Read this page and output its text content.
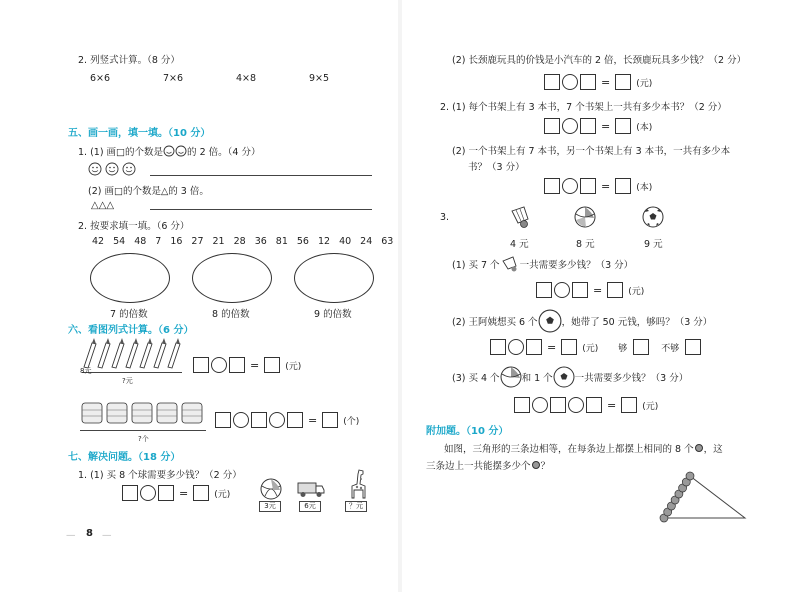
2. 列竖式计算。（8 分）
6×6	7×6	4×8	9×5
五、画一画，填一填。（10 分）
1. (1) 画□的个数是	的 2 倍。（4 分）
(2) 画□的个数是△的 3 倍。
△△△
2. 按要求填一填。（6 分）
42 54 48 7 16 27 21 28 36 81 56 12 40 24 63
7 的倍数	8 的倍数	9 的倍数
六、看图列式计算。（6 分）
8元
?元
=	(元)
?个
=	(个)
七、解决问题。（18 分）
1. (1) 买 8 个球需要多少钱？（2 分）
=	(元)
3元	6元	？元
— 8 —
(2) 长颈鹿玩具的价钱是小汽车的 2 倍，长颈鹿玩具多少钱？（2 分）
=	(元)
2. (1) 每个书架上有 3 本书，7 个书架上一共有多少本书？（2 分）
=	(本)
(2) 一个书架上有 7 本书，另一个书架上有 3 本书，一共有多少本
书？（3 分）
=	(本)
3.
4 元	8 元	9 元
(1) 买 7 个 一共需要多少钱？（3 分）
=	(元)
(2) 王阿姨想买 6 个	，她带了 50 元钱，够吗？（3 分）
=	(元) 够	不够
(3) 买 4 个 和 1 个 一共需要多少钱？（3 分）
=	(元)
附加题。（10 分）
如图，三角形的三条边相等，在每条边上都摆上相同的 8 个 ，这
三条边上一共能摆多少个 ？
